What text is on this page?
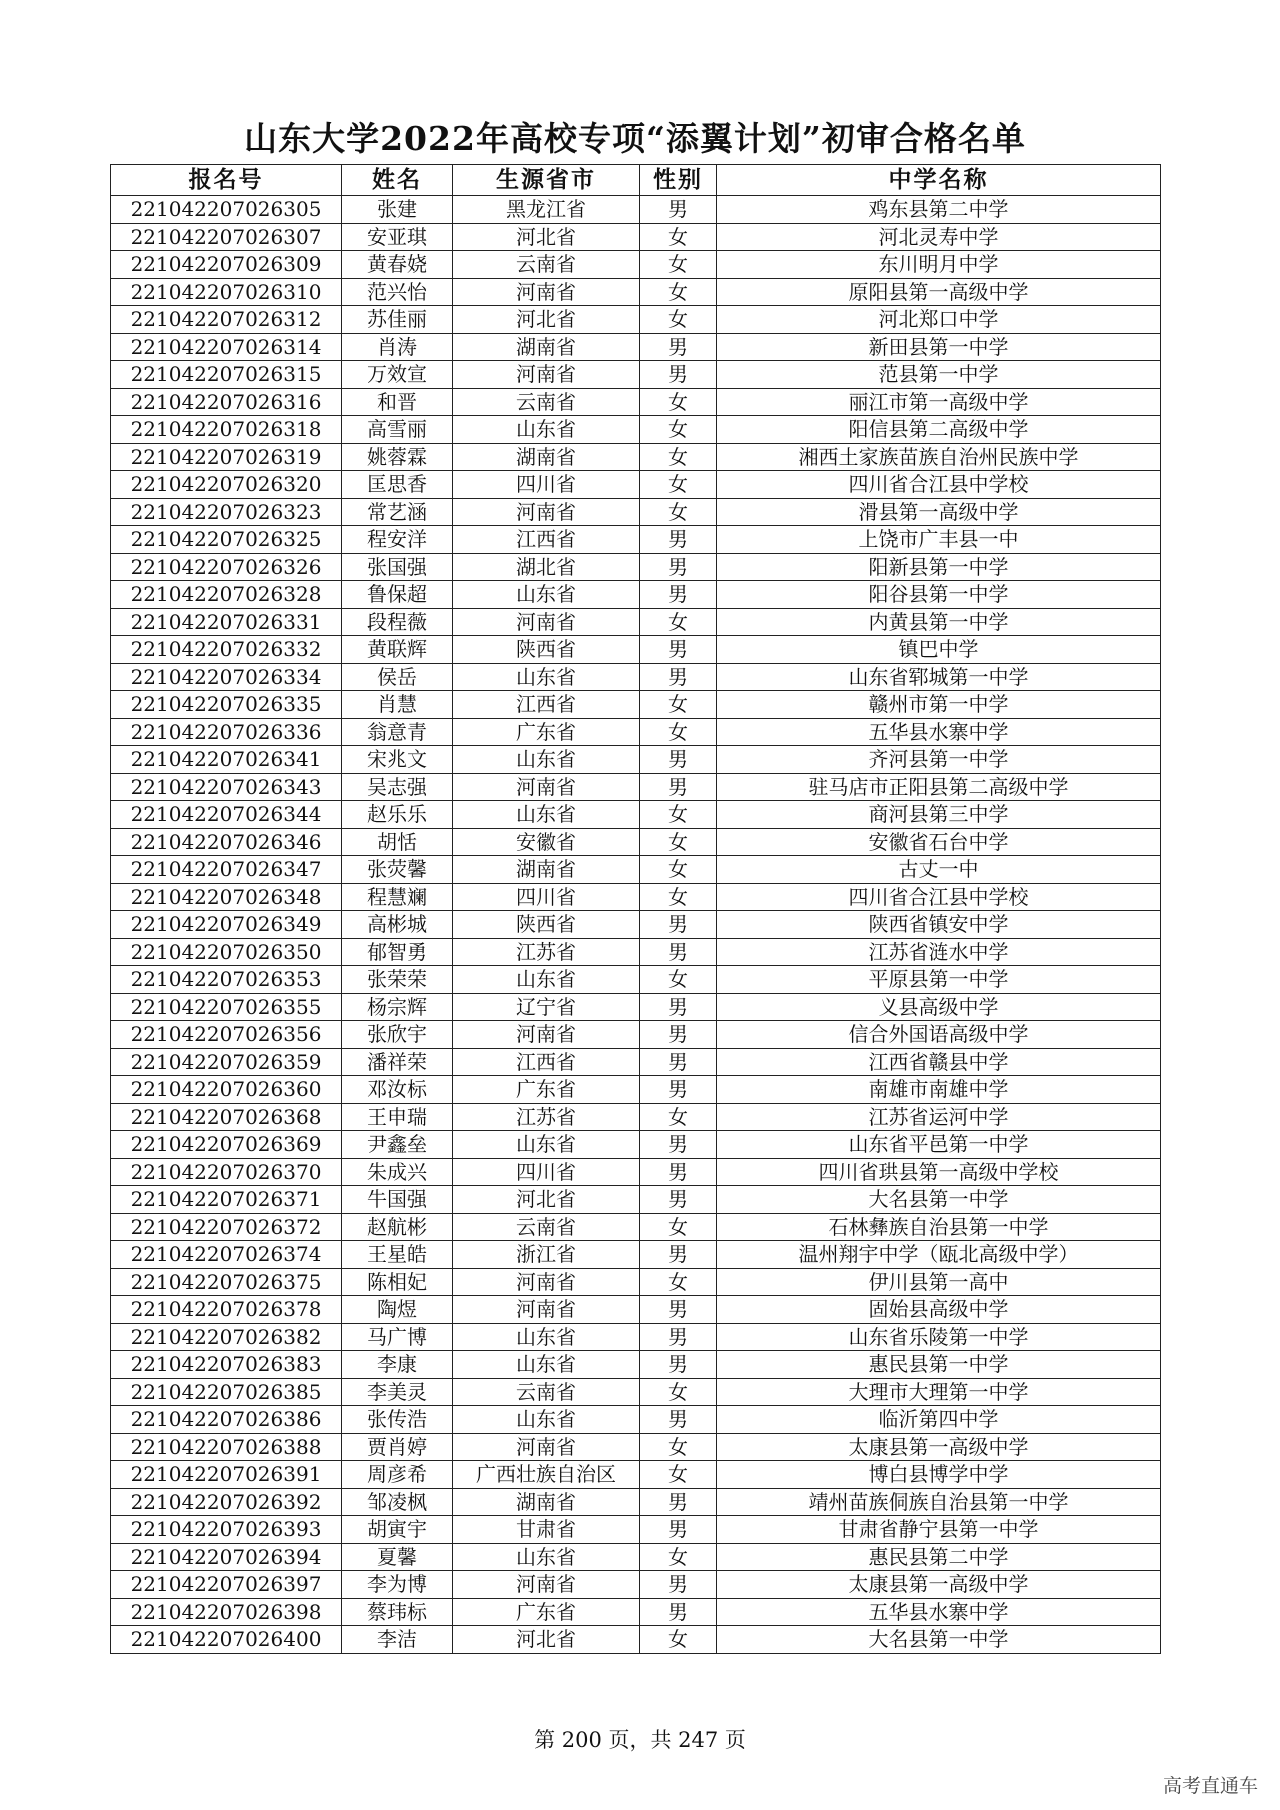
山东大学2022年高校专项“添翼计划”初审合格名单
报名号	姓名	生源省市	性别	中学名称
22104220702630​5	张建	黑龙江省	男	鸡东县第二中学
221042207026307	安亚琪	河北省	女	河北灵寿中学
221042207026309	黄春娆	云南省	女	东川明月中学
221042207026310	范兴怡	河南省	女	原阳县第一高级中学
221042207026312	苏佳丽	河北省	女	河北郑口中学
221042207026314	肖涛	湖南省	男	新田县第一中学
221042207026315	万效宣	河南省	男	范县第一中学
221042207026316	和晋	云南省	女	丽江市第一高级中学
221042207026318	高雪丽	山东省	女	阳信县第二高级中学
221042207026319	姚蓉霖	湖南省	女	湘西土家族苗族自治州民族中学
221042207026320	匡思香	四川省	女	四川省合江县中学校
221042207026323	常艺涵	河南省	女	滑县第一高级中学
221042207026325	程安洋	江西省	男	上饶市广丰县一中
221042207026326	张国强	湖北省	男	阳新县第一中学
221042207026328	鲁保超	山东省	男	阳谷县第一中学
221042207026331	段程薇	河南省	女	内黄县第一中学
221042207026332	黄联辉	陕西省	男	镇巴中学
221042207026334	侯岳	山东省	男	山东省郓城第一中学
221042207026335	肖慧	江西省	女	赣州市第一中学
221042207026336	翁意青	广东省	女	五华县水寨中学
221042207026341	宋兆文	山东省	男	齐河县第一中学
221042207026343	吴志强	河南省	男	驻马店市正阳县第二高级中学
221042207026344	赵乐乐	山东省	女	商河县第三中学
221042207026346	胡恬	安徽省	女	安徽省石台中学
221042207026347	张荧馨	湖南省	女	古丈一中
221042207026348	程慧斓	四川省	女	四川省合江县中学校
221042207026349	高彬城	陕西省	男	陕西省镇安中学
221042207026350	郁智勇	江苏省	男	江苏省涟水中学
221042207026353	张荣荣	山东省	女	平原县第一中学
221042207026355	杨宗辉	辽宁省	男	义县高级中学
221042207026356	张欣宇	河南省	男	信合外国语高级中学
221042207026359	潘祥荣	江西省	男	江西省赣县中学
221042207026360	邓汝标	广东省	男	南雄市南雄中学
221042207026368	王申瑞	江苏省	女	江苏省运河中学
221042207026369	尹鑫垒	山东省	男	山东省平邑第一中学
221042207026370	朱成兴	四川省	男	四川省珙县第一高级中学校
221042207026371	牛国强	河北省	男	大名县第一中学
221042207026372	赵航彬	云南省	女	石林彝族自治县第一中学
221042207026374	王星皓	浙江省	男	温州翔宇中学（瓯北高级中学）
221042207026375	陈相妃	河南省	女	伊川县第一高中
221042207026378	陶煜	河南省	男	固始县高级中学
221042207026382	马广博	山东省	男	山东省乐陵第一中学
221042207026383	李康	山东省	男	惠民县第一中学
221042207026385	李美灵	云南省	女	大理市大理第一中学
221042207026386	张传浩	山东省	男	临沂第四中学
221042207026388	贾肖婷	河南省	女	太康县第一高级中学
221042207026391	周彦希	广西壮族自治区	女	博白县博学中学
221042207026392	邹凌枫	湖南省	男	靖州苗族侗族自治县第一中学
221042207026393	胡寅宇	甘肃省	男	甘肃省静宁县第一中学
221042207026394	夏馨	山东省	女	惠民县第二中学
221042207026397	李为博	河南省	男	太康县第一高级中学
221042207026398	蔡玮标	广东省	男	五华县水寨中学
221042207026400	李洁	河北省	女	大名县第一中学
第 200 页，共 247 页
高考直通车
